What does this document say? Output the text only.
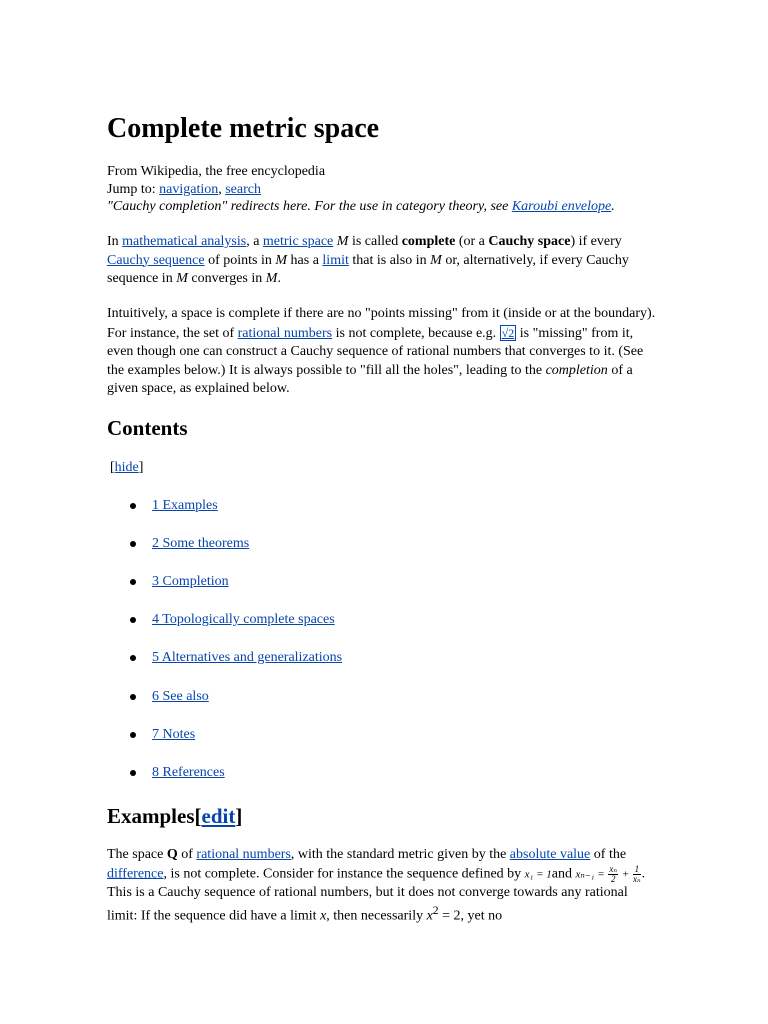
Complete metric space
From Wikipedia, the free encyclopedia
Jump to: navigation, search
"Cauchy completion" redirects here. For the use in category theory, see Karoubi envelope.

In mathematical analysis, a metric space M is called complete (or a Cauchy space) if every Cauchy sequence of points in M has a limit that is also in M or, alternatively, if every Cauchy sequence in M converges in M.

Intuitively, a space is complete if there are no "points missing" from it (inside or at the boundary). For instance, the set of rational numbers is not complete, because e.g. √2 is "missing" from it, even though one can construct a Cauchy sequence of rational numbers that converges to it. (See the examples below.) It is always possible to "fill all the holes", leading to the completion of a given space, as explained below.

Contents
[hide]
1 Examples
2 Some theorems
3 Completion
4 Topologically complete spaces
5 Alternatives and generalizations
6 See also
7 Notes
8 References
Examples[edit]

The space Q of rational numbers, with the standard metric given by the absolute value of the difference, is not complete. Consider for instance the sequence defined by x₁ = 1and $x_{n-1} = \frac{\text{xₙ}}{2} + \frac{1}{\text{xₙ}}$ . This is a Cauchy sequence of rational numbers, but it does not converge towards any rational limit: If the sequence did have a limit x, then necessarily $x^2 = 2$, yet no
